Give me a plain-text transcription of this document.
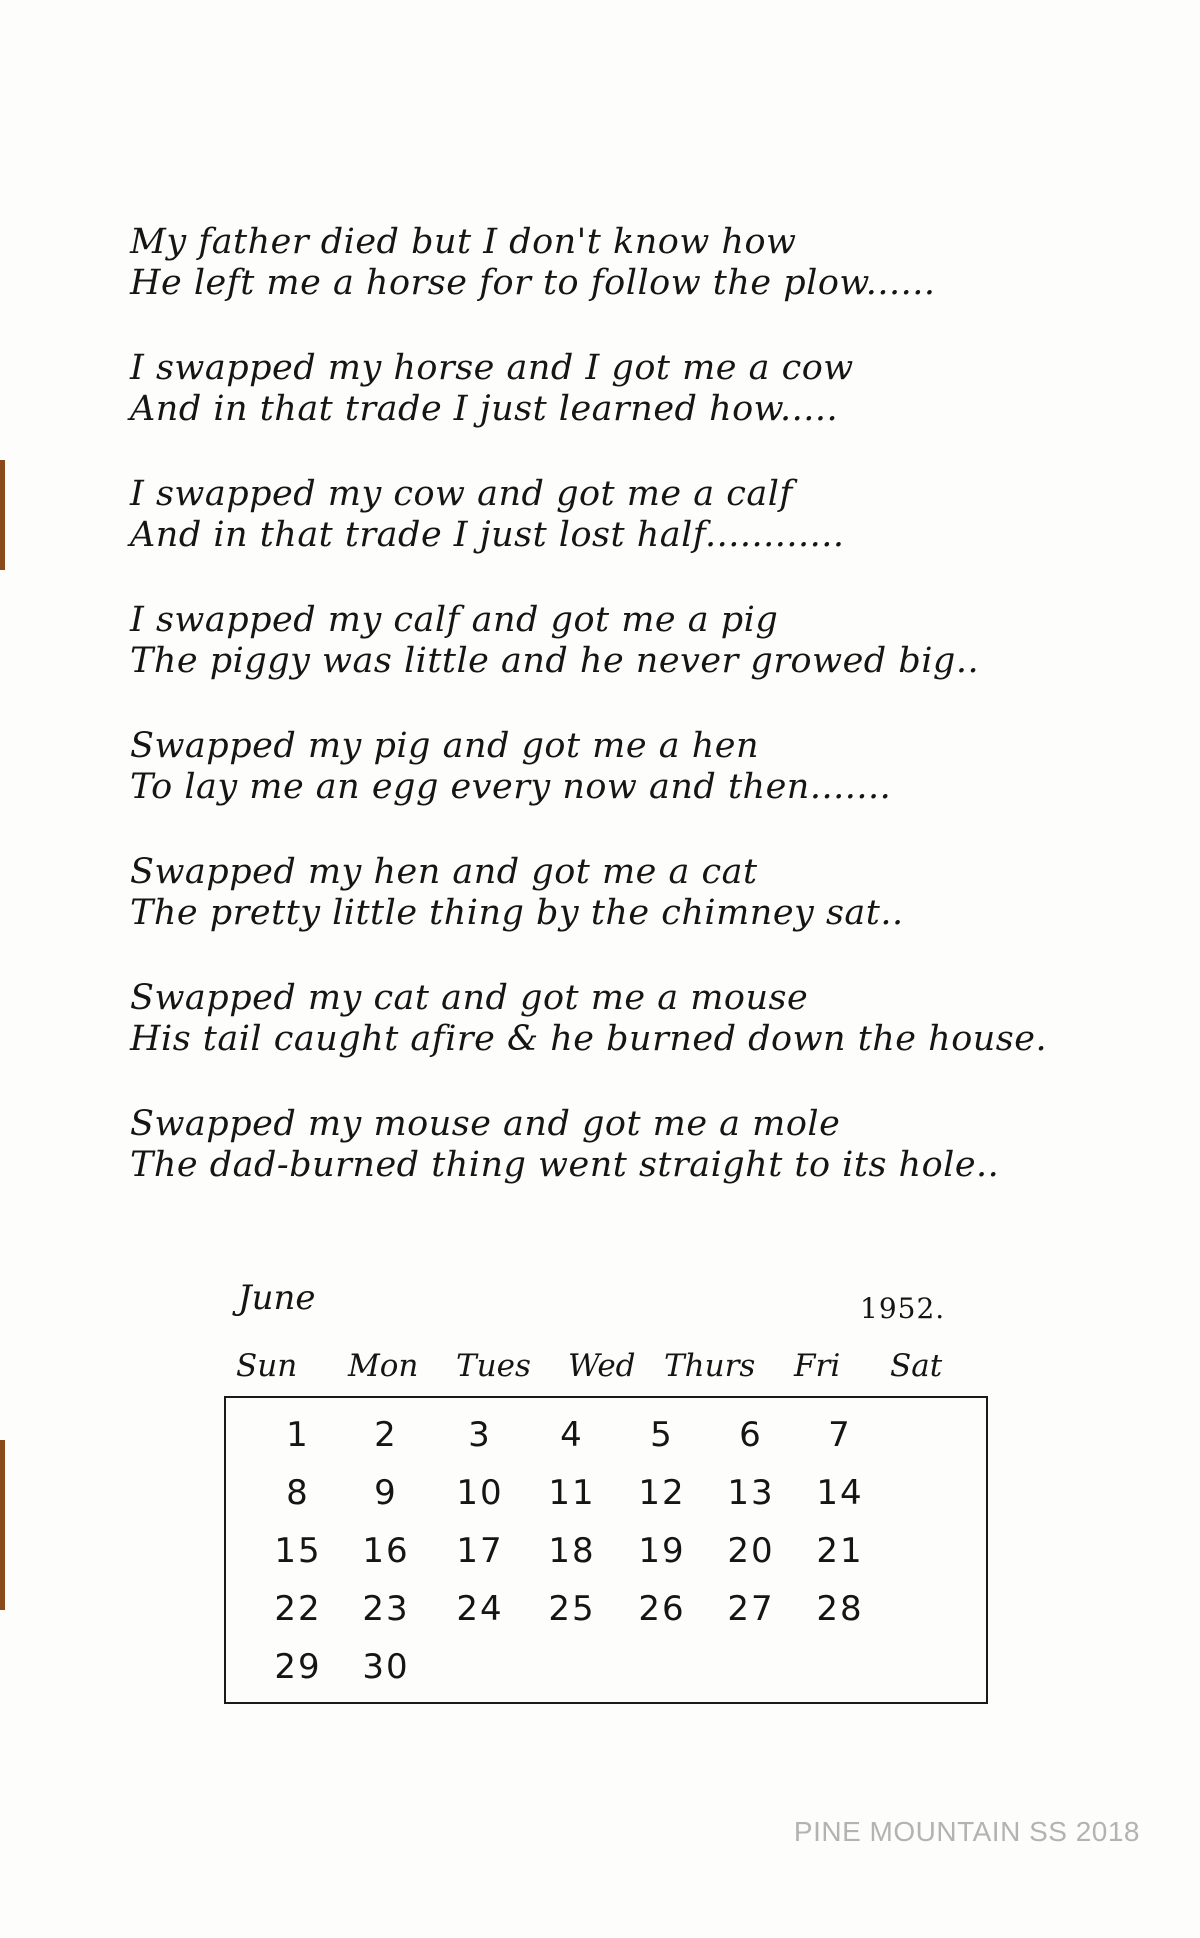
My father died but I don't know how
He left me a horse for to follow the plow......
I swapped my horse and I got me a cow
And in that trade I just learned how.....
I swapped my cow and got me a calf
And in that trade I just lost half............
I swapped my calf and got me a pig
The piggy was little and he never growed big..
Swapped my pig and got me a hen
To lay me an egg every now and then.......
Swapped my hen and got me a cat
The pretty little thing by the chimney sat..
Swapped my cat and got me a mouse
His tail caught afire & he burned down the house.
Swapped my mouse and got me a mole
The dad-burned thing went straight to its hole..
June	1952.
Sun Mon Tues Wed Thurs Fri Sat
1	2	3	4	5	6	7
8	9	10	11	12	13	14
15	16	17	18	19	20	21
22	23	24	25	26	27	28
29	30
PINE MOUNTAIN SS 2018
